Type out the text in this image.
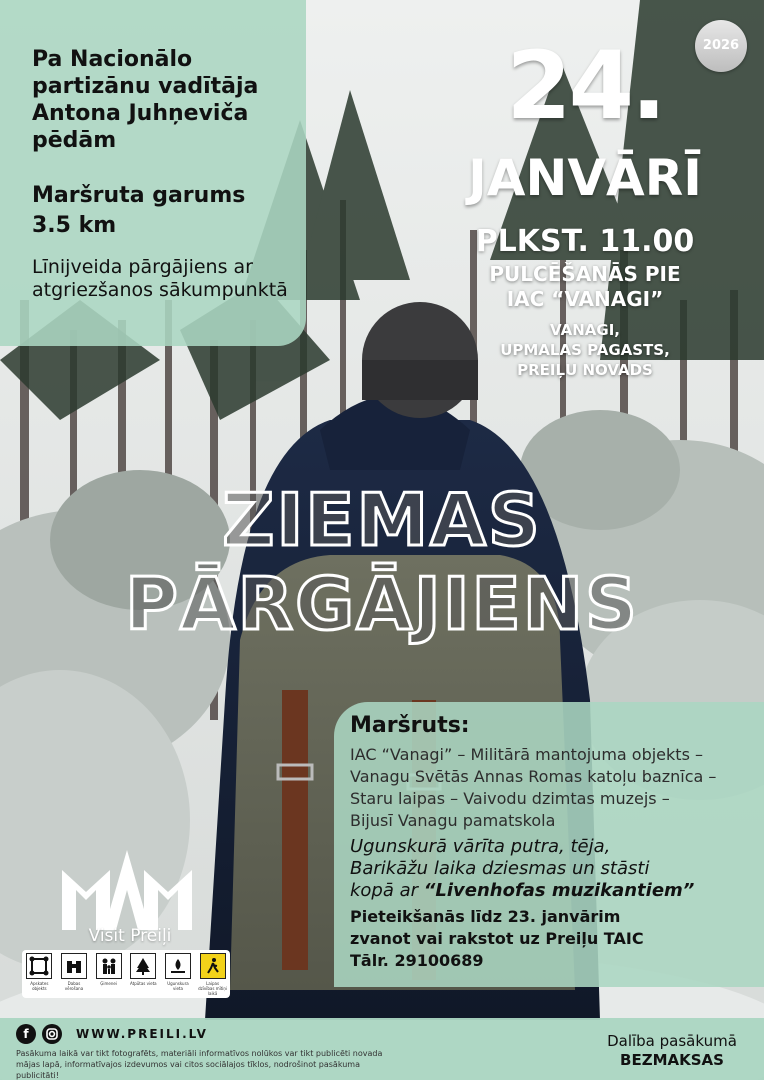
Pa Nacionālo partizānu vadītāja Antona Juhņeviča pēdām
Maršruta garums
3.5 km
Līnijveida pārgājiens ar atgriezšanos sākumpunktā
2026
24.
JANVĀRĪ
PLKST. 11.00
PULCĒŠANĀS PIE
IAC “VANAGI”
VANAGI,
UPMALAS PAGASTS,
PREIĻU NOVADS
ZIEMAS
PĀRGĀJIENS
Maršruts:
IAC “Vanagi” – Militārā mantojuma objekts –
Vanagu Svētās Annas Romas katoļu baznīca –
Staru laipas – Vaivodu dzimtas muzejs –
Bijusī Vanagu pamatskola
Ugunskurā vārīta putra, tēja,
Barikāžu laika dziesmas un stāsti
kopā ar “Livenhofas muzikantiem”
Pieteikšanās līdz 23. janvārim
zvanot vai rakstot uz Preiļu TAIC
Tālr. 29100689
Visit Preiļi
Apskates objekts
Dabas vērošana
Ģimenei	Atpūtas vieta	Ugunskura vieta
Laipas dzīvības mītiņi laikā
f	WWW.PREILI.LV
Pasākuma laikā var tikt fotografēts, materiāli informatīvos nolūkos var tikt publicēti novada mājas lapā, informatīvajos izdevumos vai citos sociālajos tīklos, nodrošinot pasākuma publicitāti!
Dalība pasākumā
BEZMAKSAS
